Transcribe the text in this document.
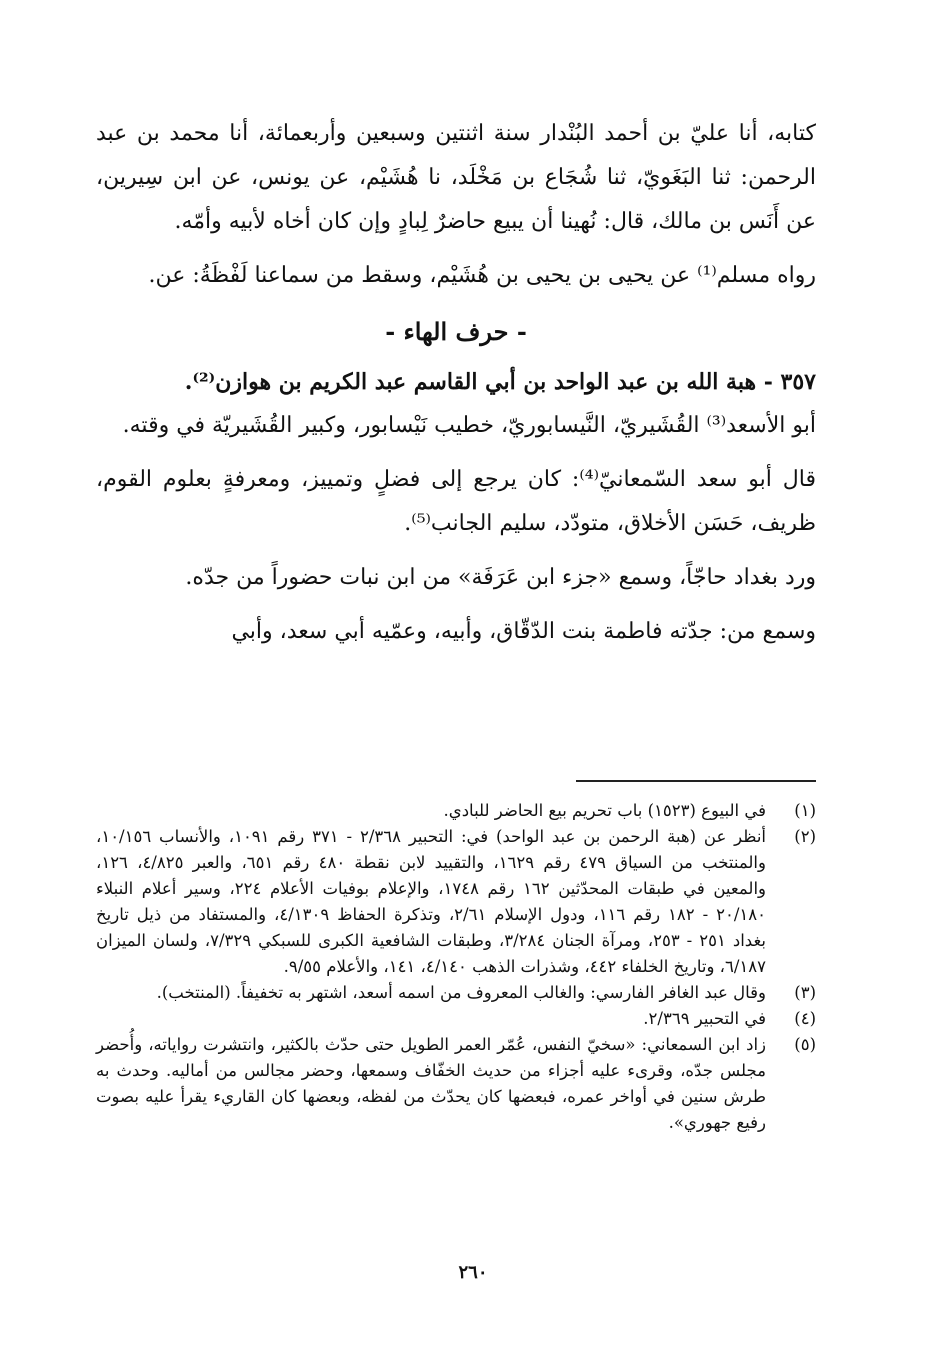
كتابه، أنا عليّ بن أحمد البُنْدار سنة اثنتين وسبعين وأربعمائة، أنا محمد بن عبد الرحمن: ثنا البَغَويّ، ثنا شُجَاع بن مَخْلَد، نا هُشَيْم، عن يونس، عن ابن سِيرين، عن أَنَس بن مالك، قال: نُهينا أن يبيع حاضرٌ لِبادٍ وإن كان أخاه لأبيه وأمّه.

رواه مسلم⁽¹⁾ عن يحيى بن يحيى بن هُشَيْم، وسقط من سماعنا لَفْظَةُ: عن.

- حرف الهاء -

٣٥٧ - هبة الله بن عبد الواحد بن أبي القاسم عبد الكريم بن هوازن⁽²⁾.

أبو الأسعد⁽³⁾ القُشَيريّ، النَّيسابوريّ، خطيب نَيْسابور، وكبير القُشَيريّة في وقته.

قال أبو سعد السّمعانيّ⁽⁴⁾: كان يرجع إلى فضلٍ وتمييز، ومعرفةٍ بعلوم القوم، ظريف، حَسَن الأخلاق، متودّد، سليم الجانب⁽⁵⁾.

ورد بغداد حاجّاً، وسمع «جزء ابن عَرَفَة» من ابن نبات حضوراً من جدّه.

وسمع من: جدّته فاطمة بنت الدّقّاق، وأبيه، وعمّيه أبي سعد، وأبي

(١)
في البيوع (١٥٢٣) باب تحريم بيع الحاضر للبادي.
(٢)
أنظر عن (هبة الرحمن بن عبد الواحد) في: التحبير ٢/٣٦٨ - ٣٧١ رقم ١٠٩١، والأنساب ١٠/١٥٦، والمنتخب من السياق ٤٧٩ رقم ١٦٢٩، والتقييد لابن نقطة ٤٨٠ رقم ٦٥١، والعبر ٤/٨٢٥، ١٢٦، والمعين في طبقات المحدّثين ١٦٢ رقم ١٧٤٨، والإعلام بوفيات الأعلام ٢٢٤، وسير أعلام النبلاء ٢٠/١٨٠ - ١٨٢ رقم ١١٦، ودول الإسلام ٢/٦١، وتذكرة الحفاظ ٤/١٣٠٩، والمستفاد من ذيل تاريخ بغداد ٢٥١ - ٢٥٣، ومرآة الجنان ٣/٢٨٤، وطبقات الشافعية الكبرى للسبكي ٧/٣٢٩، ولسان الميزان ٦/١٨٧، وتاريخ الخلفاء ٤٤٢، وشذرات الذهب ٤/١٤٠، ١٤١، والأعلام ٩/٥٥.
(٣)
وقال عبد الغافر الفارسي: والغالب المعروف من اسمه أسعد، اشتهر به تخفيفاً. (المنتخب).
(٤)
في التحبير ٢/٣٦٩.
(٥)
زاد ابن السمعاني: «سخيّ النفس، عُمّر العمر الطويل حتى حدّث بالكثير، وانتشرت رواياته، وأُحضر مجلس جدّه، وقرىء عليه أجزاء من حديث الخفّاف وسمعها، وحضر مجالس من أماليه. وحدث به طرش سنين في أواخر عمره، فبعضها كان يحدّث من لفظه، وبعضها كان القاريء يقرأ عليه بصوت رفيع جهوري».
٢٦٠
